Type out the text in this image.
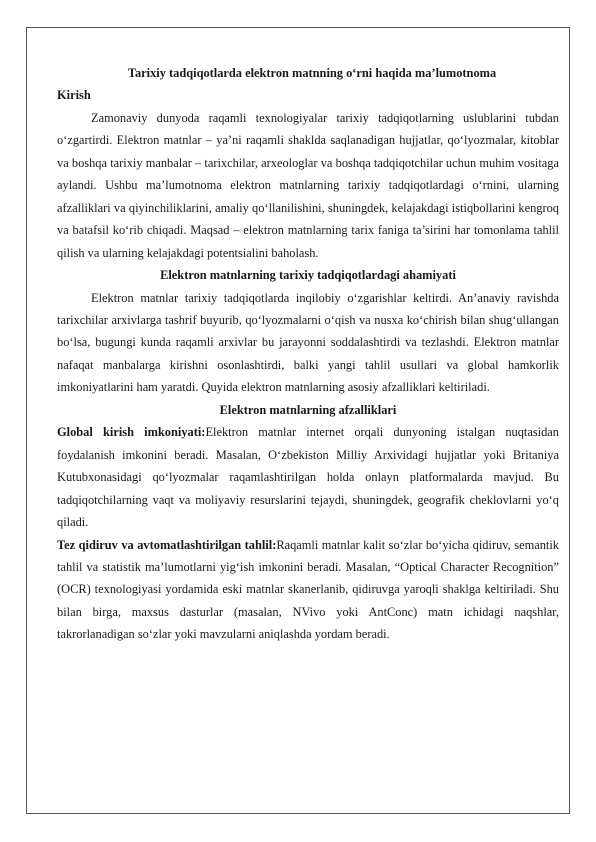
Tarixiy tadqiqotlarda elektron matnning o‘rni haqida ma’lumotnoma

Kirish

Zamonaviy dunyoda raqamli texnologiyalar tarixiy tadqiqotlarning uslublarini tubdan o‘zgartirdi. Elektron matnlar – ya’ni raqamli shaklda saqlanadigan hujjatlar, qo‘lyozmalar, kitoblar va boshqa tarixiy manbalar – tarixchilar, arxeologlar va boshqa tadqiqotchilar uchun muhim vositaga aylandi. Ushbu ma’lumotnoma elektron matnlarning tarixiy tadqiqotlardagi o‘rnini, ularning afzalliklari va qiyinchiliklarini, amaliy qo‘llanilishini, shuningdek, kelajakdagi istiqbollarini kengroq va batafsil ko‘rib chiqadi. Maqsad – elektron matnlarning tarix faniga ta’sirini har tomonlama tahlil qilish va ularning kelajakdagi potentsialini baholash.

Elektron matnlarning tarixiy tadqiqotlardagi ahamiyati

Elektron matnlar tarixiy tadqiqotlarda inqilobiy o‘zgarishlar keltirdi. An’anaviy ravishda tarixchilar arxivlarga tashrif buyurib, qo‘lyozmalarni o‘qish va nusxa ko‘chirish bilan shug‘ullangan bo‘lsa, bugungi kunda raqamli arxivlar bu jarayonni soddalashtirdi va tezlashdi. Elektron matnlar nafaqat manbalarga kirishni osonlashtirdi, balki yangi tahlil usullari va global hamkorlik imkoniyatlarini ham yaratdi. Quyida elektron matnlarning asosiy afzalliklari keltiriladi.

Elektron matnlarning afzalliklari

Global kirish imkoniyati:Elektron matnlar internet orqali dunyoning istalgan nuqtasidan foydalanish imkonini beradi. Masalan, O‘zbekiston Milliy Arxividagi hujjatlar yoki Britaniya Kutubxonasidagi qo‘lyozmalar raqamlashtirilgan holda onlayn platformalarda mavjud. Bu tadqiqotchilarning vaqt va moliyaviy resurslarini tejaydi, shuningdek, geografik cheklovlarni yo‘q qiladi.

Tez qidiruv va avtomatlashtirilgan tahlil:Raqamli matnlar kalit so‘zlar bo‘yicha qidiruv, semantik tahlil va statistik ma’lumotlarni yig‘ish imkonini beradi. Masalan, “Optical Character Recognition” (OCR) texnologiyasi yordamida eski matnlar skanerlanib, qidiruvga yaroqli shaklga keltiriladi. Shu bilan birga, maxsus dasturlar (masalan, NVivo yoki AntConc) matn ichidagi naqshlar, takrorlanadigan so‘zlar yoki mavzularni aniqlashda yordam beradi.
